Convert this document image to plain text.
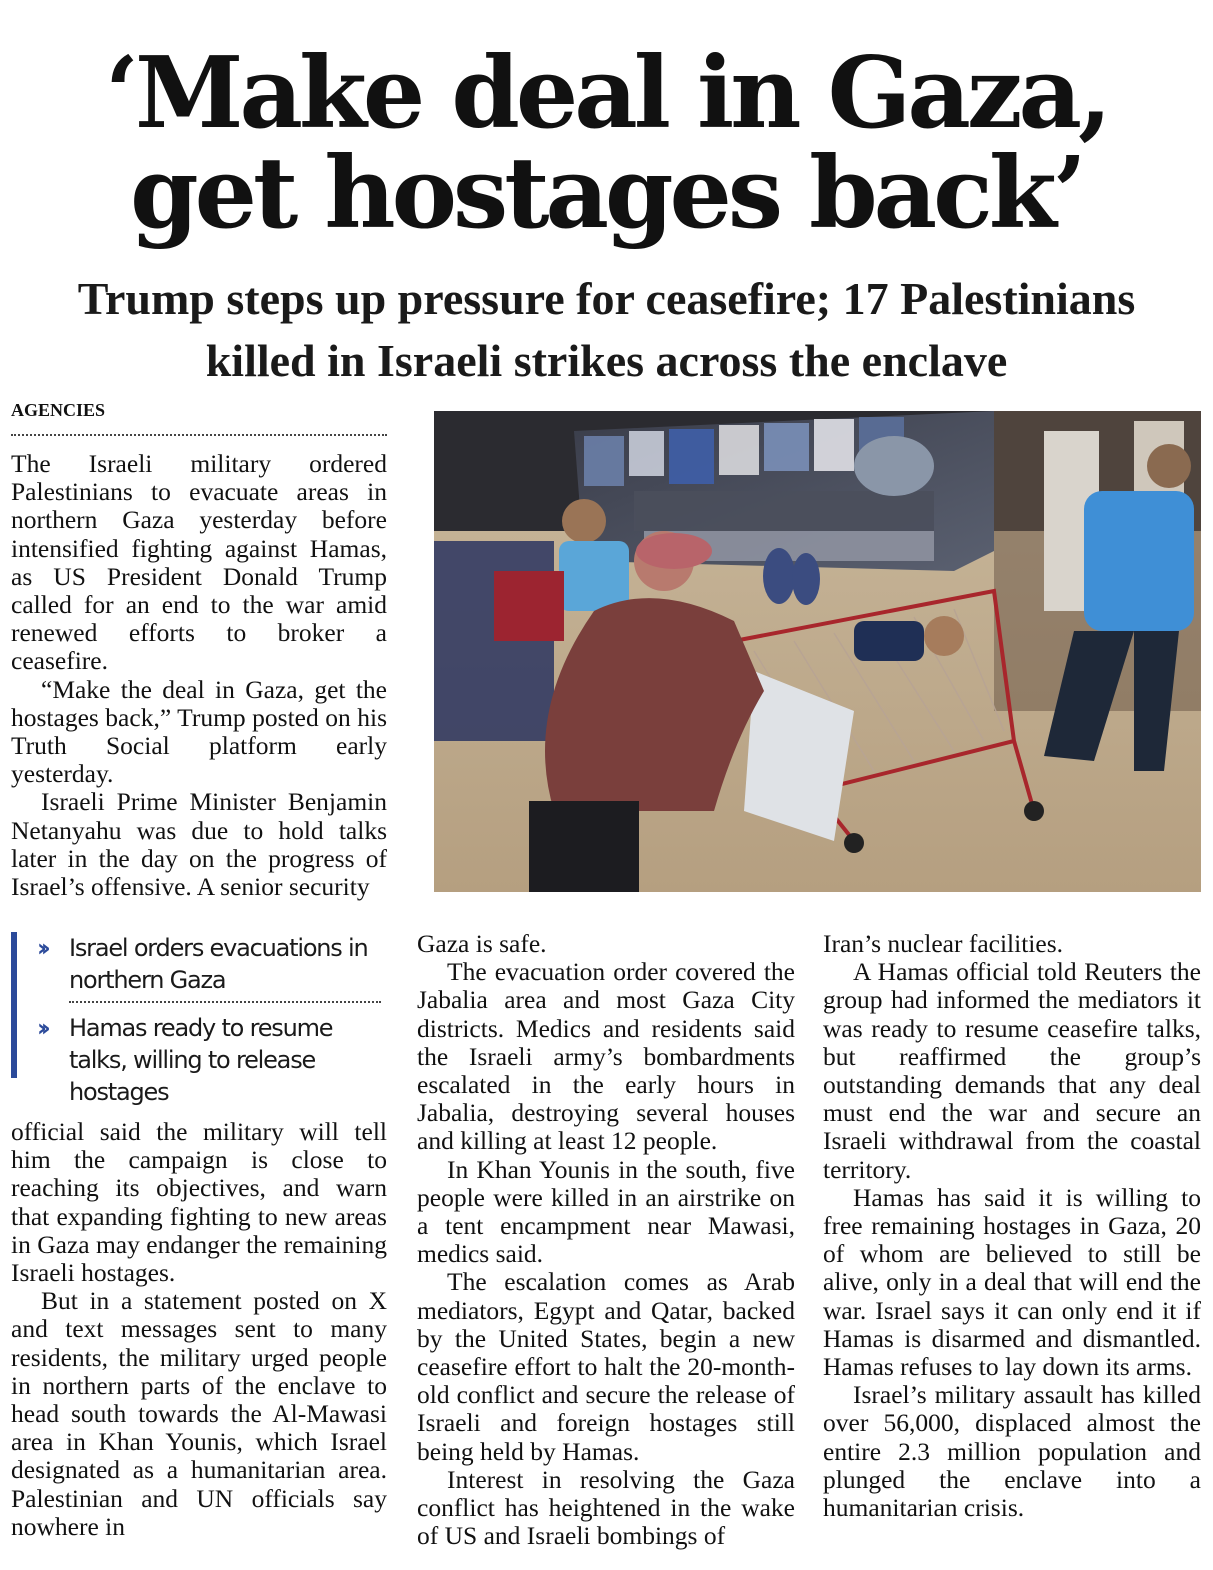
‘Make deal in Gaza,
get hostages back’
Trump steps up pressure for ceasefire; 17 Palestinians
killed in Israeli strikes across the enclave
AGENCIES

The Israeli military ordered Palestinians to evacuate areas in northern Gaza yesterday before intensified fighting against Hamas, as US President Donald Trump called for an end to the war amid renewed efforts to broker a ceasefire.

“Make the deal in Gaza, get the hostages back,” Trump posted on his Truth Social platform early yesterday.

Israeli Prime Minister Benjamin Netanyahu was due to hold talks later in the day on the progress of Israel’s offensive. A senior security

››	Israel orders evacuations in northern Gaza
››	Hamas ready to resume talks, willing to release hostages

official said the military will tell him the campaign is close to reaching its objectives, and warn that expanding fighting to new areas in Gaza may endanger the remaining Israeli hostages.

But in a statement posted on X and text messages sent to many residents, the military urged people in northern parts of the enclave to head south towards the Al-Mawasi area in Khan Younis, which Israel designated as a humanitarian area. Palestinian and UN officials say nowhere in

Gaza is safe.

The evacuation order covered the Jabalia area and most Gaza City districts. Medics and residents said the Israeli army’s bombardments escalated in the early hours in Jabalia, destroying several houses and killing at least 12 people.

In Khan Younis in the south, five people were killed in an airstrike on a tent encampment near Mawasi, medics said.

The escalation comes as Arab mediators, Egypt and Qatar, backed by the United States, begin a new ceasefire effort to halt the 20-month-old conflict and secure the release of Israeli and foreign hostages still being held by Hamas.

Interest in resolving the Gaza conflict has heightened in the wake of US and Israeli bombings of

Iran’s nuclear facilities.

A Hamas official told Reuters the group had informed the mediators it was ready to resume ceasefire talks, but reaffirmed the group’s outstanding demands that any deal must end the war and secure an Israeli withdrawal from the coastal territory.

Hamas has said it is willing to free remaining hostages in Gaza, 20 of whom are believed to still be alive, only in a deal that will end the war. Israel says it can only end it if Hamas is disarmed and dismantled. Hamas refuses to lay down its arms.

Israel’s military assault has killed over 56,000, displaced almost the entire 2.3 million population and plunged the enclave into a humanitarian crisis.
